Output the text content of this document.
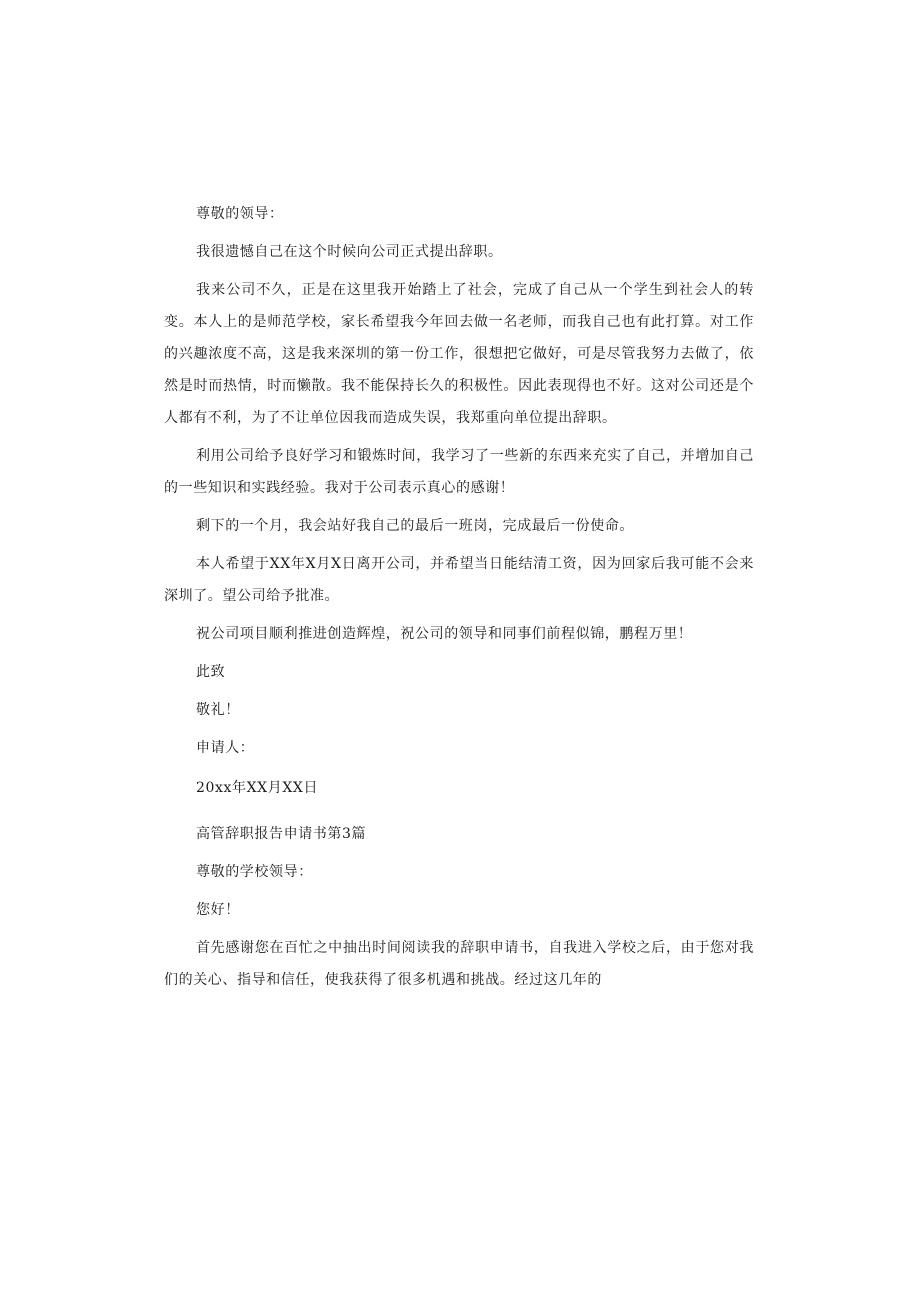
尊敬的领导：

我很遗憾自己在这个时候向公司正式提出辞职。

我来公司不久，正是在这里我开始踏上了社会，完成了自己从一个学生到社会人的转变。本人上的是师范学校，家长希望我今年回去做一名老师，而我自己也有此打算。对工作的兴趣浓度不高，这是我来深圳的第一份工作，很想把它做好，可是尽管我努力去做了，依然是时而热情，时而懒散。我不能保持长久的积极性。因此表现得也不好。这对公司还是个人都有不利，为了不让单位因我而造成失误，我郑重向单位提出辞职。

利用公司给予良好学习和锻炼时间，我学习了一些新的东西来充实了自己，并增加自己的一些知识和实践经验。我对于公司表示真心的感谢！

剩下的一个月，我会站好我自己的最后一班岗，完成最后一份使命。

本人希望于XX年X月X日离开公司，并希望当日能结清工资，因为回家后我可能不会来深圳了。望公司给予批准。

祝公司项目顺利推进创造辉煌，祝公司的领导和同事们前程似锦，鹏程万里！

此致

敬礼！

申请人：

20xx年XX月XX日

高管辞职报告申请书第3篇

尊敬的学校领导：

您好！

首先感谢您在百忙之中抽出时间阅读我的辞职申请书，自我进入学校之后，由于您对我们的关心、指导和信任，使我获得了很多机遇和挑战。经过这几年的
